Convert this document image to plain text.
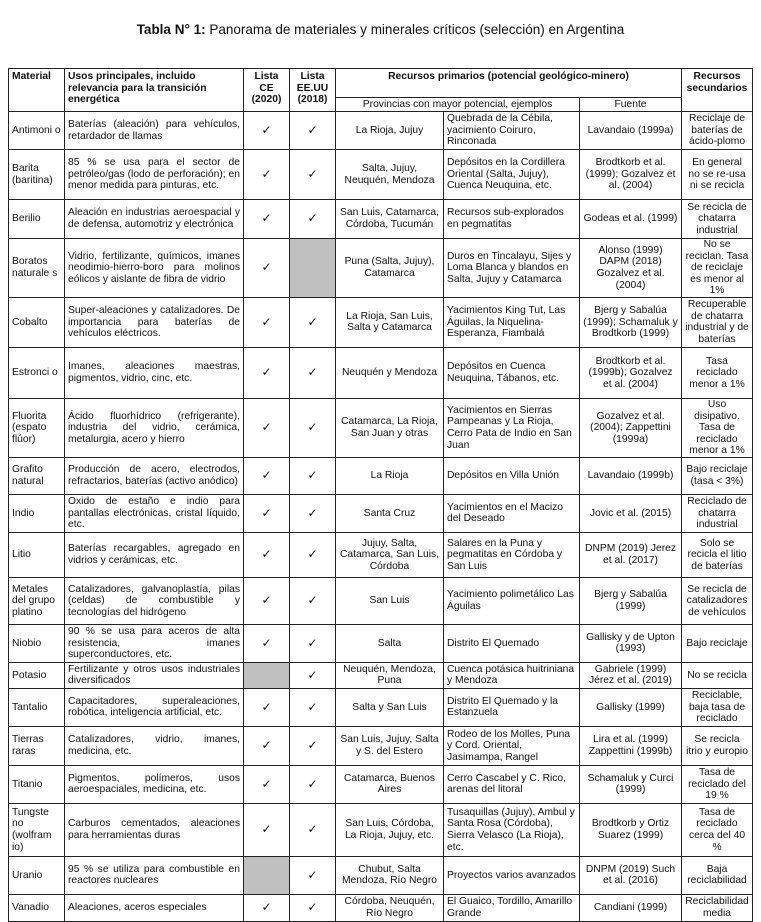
Tabla N° 1: Panorama de materiales y minerales críticos (selección) en Argentina
Material	Usos principales, incluido relevancia para la transición energética	Lista CE (2020)	Lista EE.UU (2018)	Recursos primarios (potencial geológico-minero)			Recursos secundarios
				Provincias con mayor potencial, ejemplos		Fuente	
Antimoni o	Baterías (aleación) para vehículos, retardador de llamas	✓	✓	La Rioja, Jujuy	Quebrada de la Cébila, yacimiento Coiruro, Rinconada	Lavandaio (1999a)	Reciclaje de baterías de ácido-plomo
Barita (baritina)	85 % se usa para el sector de petróleo/gas (lodo de perforación); en menor medida para pinturas, etc.	✓	✓	Salta, Jujuy, Neuquén, Mendoza	Depósitos en la Cordillera Oriental (Salta, Jujuy), Cuenca Neuquina, etc.	Brodtkorb et al. (1999); Gozalvez et al. (2004)	En general no se re-usa ni se recicla
Berilio	Aleación en industrias aeroespacial y de defensa, automotriz y electrónica	✓	✓	San Luis, Catamarca, Córdoba, Tucumán	Recursos sub-explorados en pegmatitas	Godeas et al. (1999)	Se recicla de chatarra industrial
Boratos naturale s	Vidrio, fertilizante, químicos, imanes neodimio-hierro-boro para molinos eólicos y aislante de fibra de vidrio	✓		Puna (Salta, Jujuy), Catamarca	Duros en Tincalayu, Sijes y Loma Blanca y blandos en Salta, Jujuy y Catamarca	Alonso (1999) DAPM (2018) Gozalvez et al. (2004)	No se reciclan. Tasa de reciclaje es menor al 1%
Cobalto	Super-aleaciones y catalizadores. De importancia para baterías de vehículos eléctricos.	✓	✓	La Rioja, San Luis, Salta y Catamarca	Yacimientos King Tut, Las Águilas, la Niquelina-Esperanza, Fiambalá	Bjerg y Sabalúa (1999); Schamaluk y Brodtkorb (1999)	Recuperable de chatarra industrial y de baterías
Estronci o	Imanes, aleaciones maestras, pigmentos, vidrio, cinc, etc.	✓	✓	Neuquén y Mendoza	Depósitos en Cuenca Neuquina, Tábanos, etc.	Brodtkorb et al. (1999b); Gozalvez et al. (2004)	Tasa reciclado menor a 1%
Fluorita (espato flúor)	Ácido fluorhídrico (refrigerante), industria del vidrio, cerámica, metalurgia, acero y hierro	✓	✓	Catamarca, La Rioja, San Juan y otras	Yacimientos en Sierras Pampeanas y La Rioja, Cerro Pata de Indio en San Juan	Gozalvez et al. (2004); Zappettini (1999a)	Uso disipativo. Tasa de reciclado menor a 1%
Grafito natural	Producción de acero, electrodos, refractarios, baterías (activo anódico)	✓	✓	La Rioja	Depósitos en Villa Unión	Lavandaio (1999b)	Bajo reciclaje (tasa < 3%)
Indio	Oxido de estaño e indio para pantallas electrónicas, cristal líquido, etc.	✓	✓	Santa Cruz	Yacimientos en el Macizo del Deseado	Jovic et al. (2015)	Reciclado de chatarra industrial
Litio	Baterías recargables, agregado en vidrios y cerámicas, etc.	✓	✓	Jujuy, Salta, Catamarca, San Luis, Córdoba	Salares en la Puna y pegmatitas en Córdoba y San Luis	DNPM (2019) Jerez et al. (2017)	Solo se recicla el litio de baterías
Metales del grupo platino	Catalizadores, galvanoplastía, pilas (celdas) de combustible y tecnologías del hidrógeno	✓	✓	San Luis	Yacimiento polimetálico Las Águilas	Bjerg y Sabalúa (1999)	Se recicla de catalizadores de vehículos
Niobio	90 % se usa para aceros de alta resistencia, imanes superconductores, etc.	✓	✓	Salta	Distrito El Quemado	Gallisky y de Upton (1993)	Bajo reciclaje
Potasio	Fertilizante y otros usos industriales diversificados		✓	Neuquén, Mendoza, Puna	Cuenca potásica huitriniana y Mendoza	Gabriele (1999) Jérez et al. (2019)	No se recicla
Tantalio	Capacitadores, superaleaciones, robótica, inteligencia artificial, etc.	✓	✓	Salta y San Luis	Distrito El Quemado y la Estanzuela	Gallisky (1999)	Reciclable, baja tasa de reciclado
Tierras raras	Catalizadores, vidrio, imanes, medicina, etc.	✓	✓	San Luis, Jujuy, Salta y S. del Estero	Rodeo de los Molles, Puna y Cord. Oriental, Jasimampa, Rangel	Lira et al. (1999) Zappettini (1999b)	Se recicla itrio y europio
Titanio	Pigmentos, polímeros, usos aeroespaciales, medicina, etc.	✓	✓	Catamarca, Buenos Aires	Cerro Cascabel y C. Rico, arenas del litoral	Schamaluk y Curci (1999)	Tasa de reciclado del 19 %
Tungste no (wolfram io)	Carburos cementados, aleaciones para herramientas duras	✓	✓	San Luis, Córdoba, La Rioja, Jujuy, etc.	Tusaquillas (Jujuy), Ambul y Santa Rosa (Córdoba), Sierra Velasco (La Rioja), etc.	Brodtkorb y Ortiz Suarez (1999)	Tasa de reciclado cerca del 40 %
Uranio	95 % se utiliza para combustible en reactores nucleares		✓	Chubut, Salta Mendoza, Río Negro	Proyectos varios avanzados	DNPM (2019) Such et al. (2016)	Baja reciclabilidad
Vanadio	Aleaciones, aceros especiales	✓	✓	Córdoba, Neuquén, Río Negro	El Guaico, Tordillo, Amarillo Grande	Candiani (1999)	Reciclabilidad media
